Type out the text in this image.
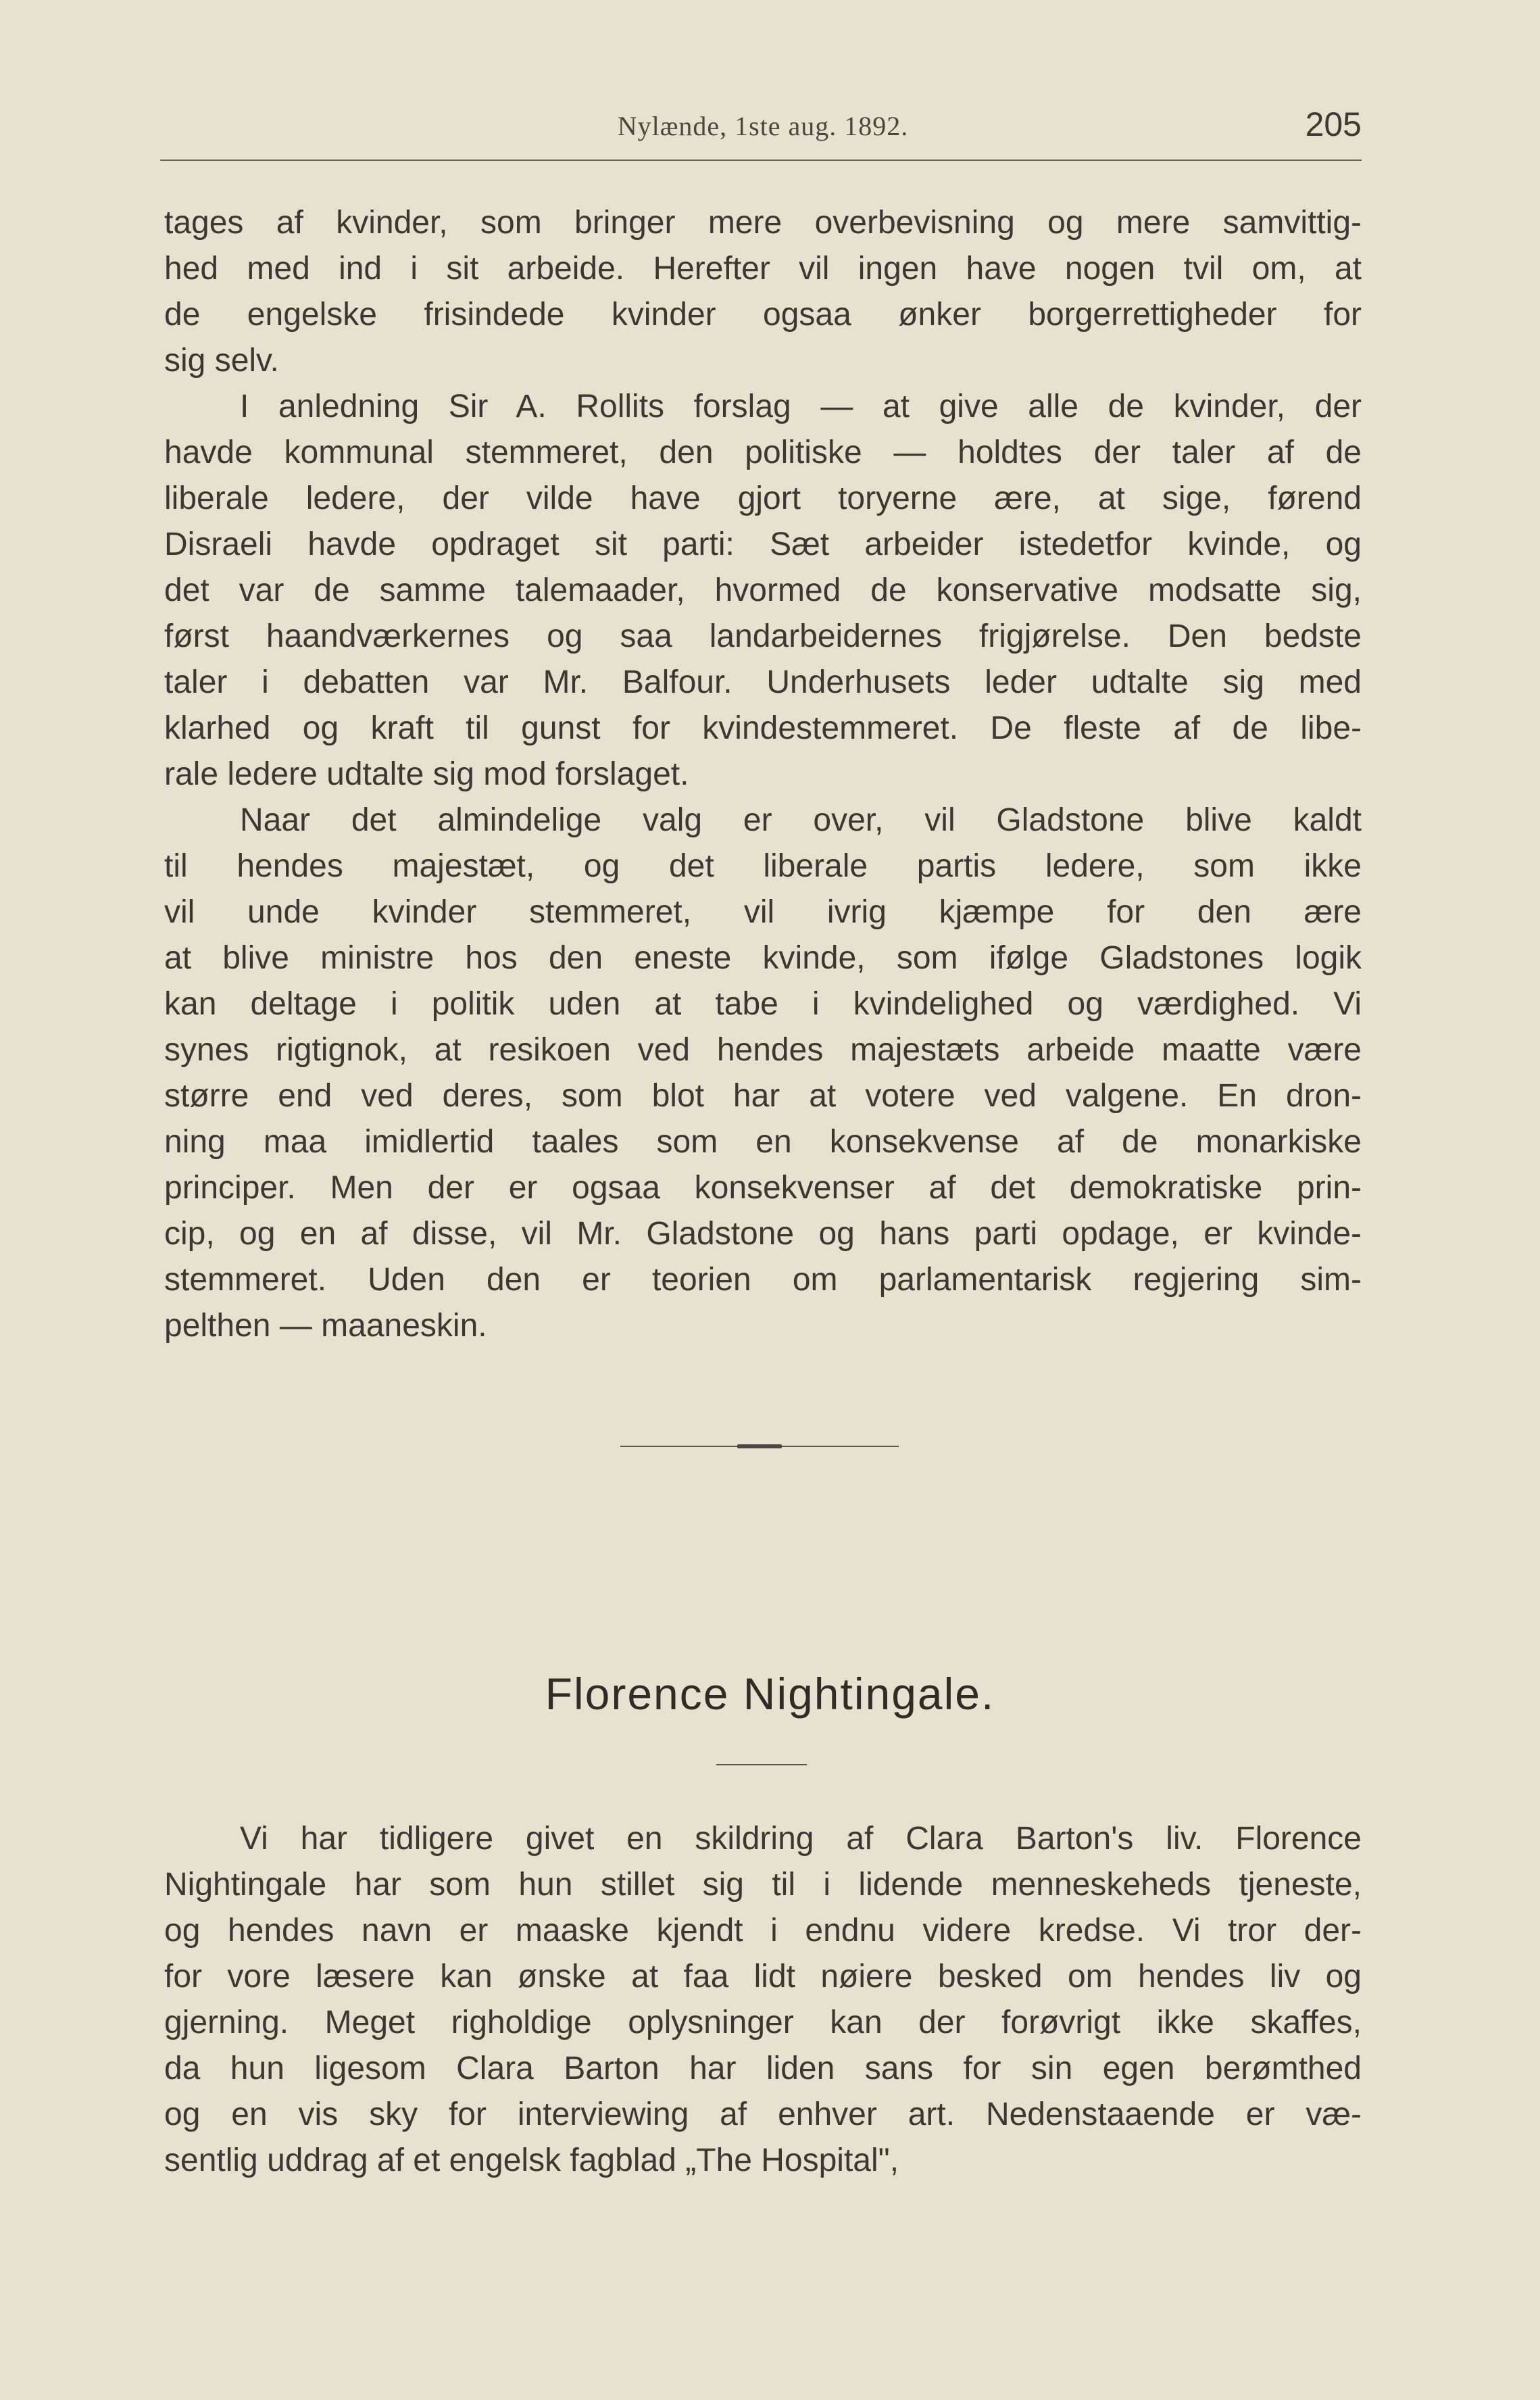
Nylænde, 1ste aug. 1892.	205
tages af kvinder, som bringer mere overbevisning og mere samvittig-
hed med ind i sit arbeide. Herefter vil ingen have nogen tvil om, at
de engelske frisindede kvinder ogsaa ønker borgerrettigheder for
sig selv.
I anledning Sir A. Rollits forslag — at give alle de kvinder, der
havde kommunal stemmeret, den politiske — holdtes der taler af de
liberale ledere, der vilde have gjort toryerne ære, at sige, førend
Disraeli havde opdraget sit parti: Sæt arbeider istedetfor kvinde, og
det var de samme talemaader, hvormed de konservative modsatte sig,
først haandværkernes og saa landarbeidernes frigjørelse. Den bedste
taler i debatten var Mr. Balfour. Underhusets leder udtalte sig med
klarhed og kraft til gunst for kvindestemmeret. De fleste af de libe-
rale ledere udtalte sig mod forslaget.
Naar det almindelige valg er over, vil Gladstone blive kaldt
til hendes majestæt, og det liberale partis ledere, som ikke
vil unde kvinder stemmeret, vil ivrig kjæmpe for den ære
at blive ministre hos den eneste kvinde, som ifølge Gladstones logik
kan deltage i politik uden at tabe i kvindelighed og værdighed. Vi
synes rigtignok, at resikoen ved hendes majestæts arbeide maatte være
større end ved deres, som blot har at votere ved valgene. En dron-
ning maa imidlertid taales som en konsekvense af de monarkiske
principer. Men der er ogsaa konsekvenser af det demokratiske prin-
cip, og en af disse, vil Mr. Gladstone og hans parti opdage, er kvinde-
stemmeret. Uden den er teorien om parlamentarisk regjering sim-
pelthen — maaneskin.
Florence Nightingale.
Vi har tidligere givet en skildring af Clara Barton's liv. Florence
Nightingale har som hun stillet sig til i lidende menneskeheds tjeneste,
og hendes navn er maaske kjendt i endnu videre kredse. Vi tror der-
for vore læsere kan ønske at faa lidt nøiere besked om hendes liv og
gjerning. Meget righoldige oplysninger kan der forøvrigt ikke skaffes,
da hun ligesom Clara Barton har liden sans for sin egen berømthed
og en vis sky for interviewing af enhver art. Nedenstaaende er væ-
sentlig uddrag af et engelsk fagblad „The Hospital",
